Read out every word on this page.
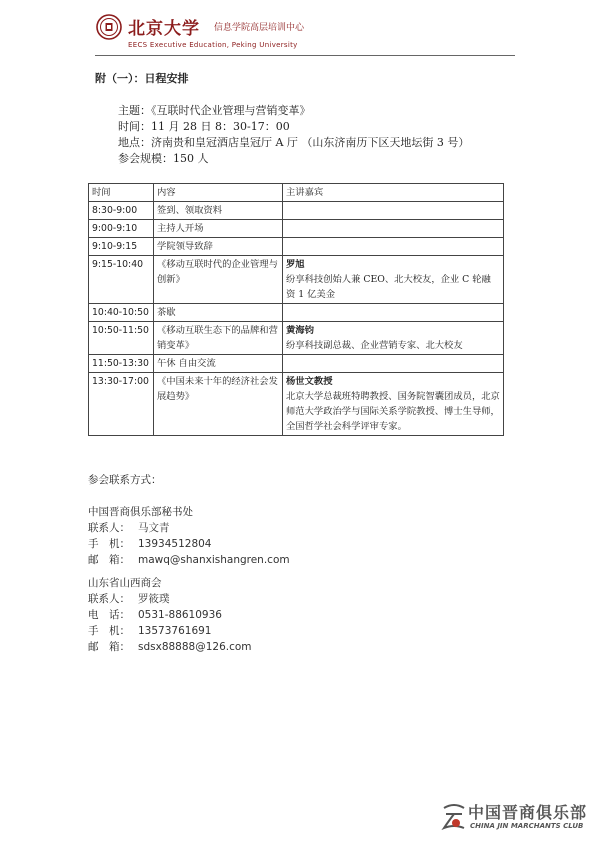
北京大学 信息学院高层培训中心
EECS Executive Education, Peking University
附（一）：日程安排
主题：《互联时代企业管理与营销变革》
时间：11 月 28 日 8：30-17：00
地点：济南贵和皇冠酒店皇冠厅 A 厅 （山东济南历下区天地坛街 3 号）
参会规模：150 人
时间	内容	主讲嘉宾
8:30-9:00	签到、领取资料	
9:00-9:10	主持人开场	
9:10-9:15	学院领导致辞	
9:15-10:40	《移动互联时代的企业管理与创新》	罗旭
纷享科技创始人兼 CEO、北大校友，企业 C 轮融资 1 亿美金

10:40-10:50	茶歇	
10:50-11:50	《移动互联生态下的品牌和营销变革》	黄海钧
纷享科技副总裁、企业营销专家、北大校友

11:50-13:30	午休 自由交流	
13:30-17:00	《中国未来十年的经济社会发展趋势》	杨世文教授
北京大学总裁班特聘教授、国务院智囊团成员，北京师范大学政治学与国际关系学院教授、博士生导师，全国哲学社会科学评审专家。
参会联系方式：
中国晋商俱乐部秘书处
联系人： 马文青
手　机： 13934512804
邮　箱： mawq@shanxishangren.com
山东省山西商会
联系人： 罗筱璞
电　话： 0531-88610936
手　机： 13573761691
邮　箱： sdsx88888@126.com
中国晋商俱乐部
CHINA JIN MARCHANTS CLUB
